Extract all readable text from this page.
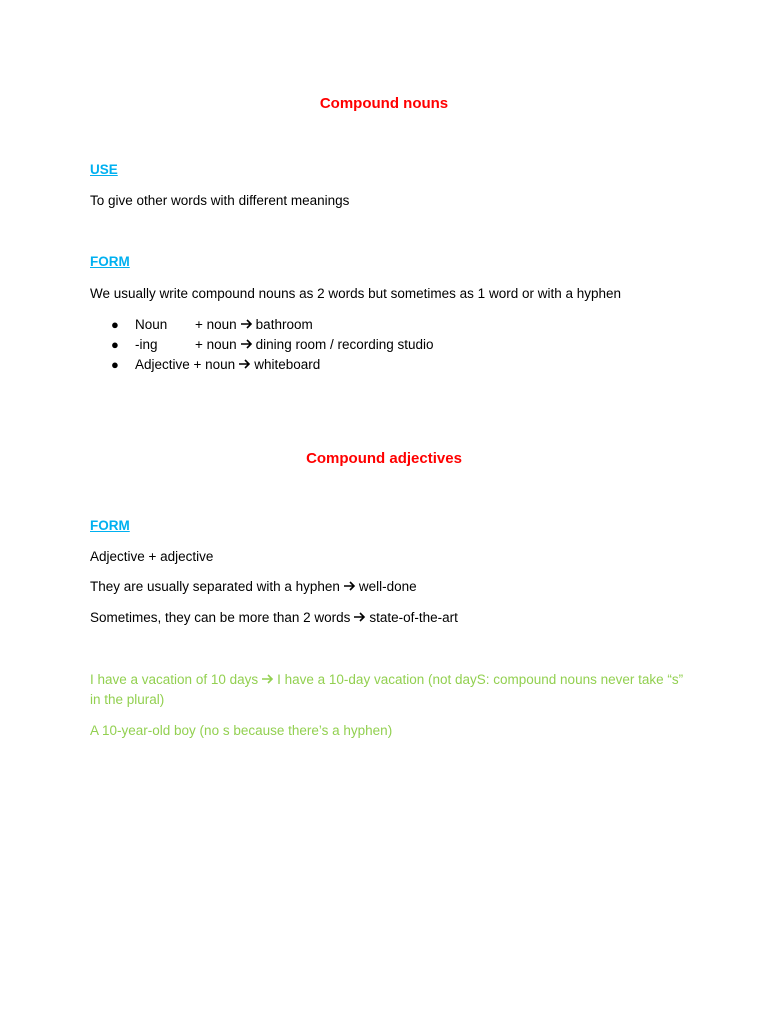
Compound nouns
USE
To give other words with different meanings
FORM
We usually write compound nouns as 2 words but sometimes as 1 word or with a hyphen
● Noun + noun bathroom
● -ing	+ noun dining room / recording studio
● Adjective + noun whiteboard
Compound adjectives
FORM
Adjective + adjective
They are usually separated with a hyphen well-done
Sometimes, they can be more than 2 words state-of-the-art
I have a vacation of 10 days I have a 10-day vacation (not dayS: compound nouns never take “s” in the plural)
A 10-year-old boy (no s because there’s a hyphen)
